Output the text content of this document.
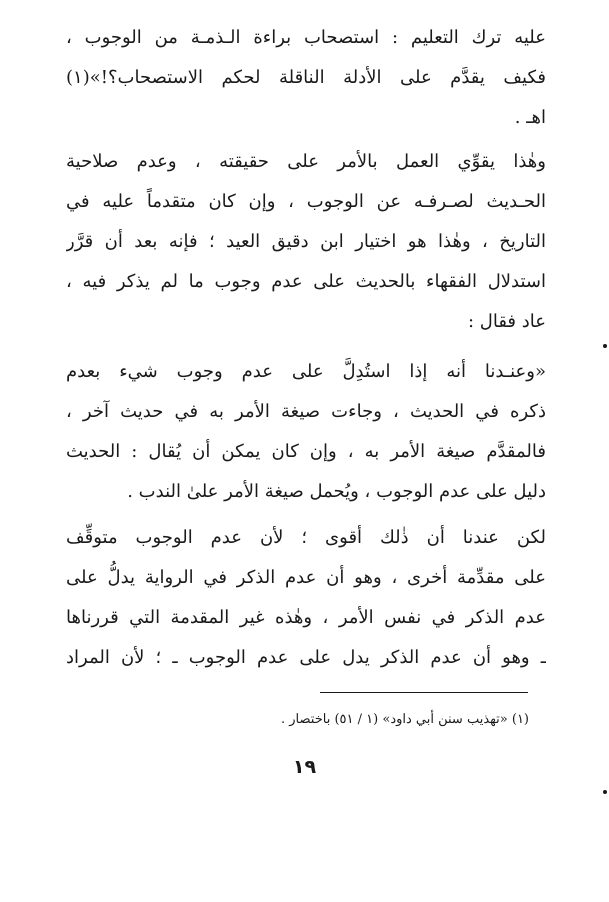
عليه ترك التعليم : استصحاب براءة الـذمـة من الوجوب ،
فكيف يقدَّم على الأدلة الناقلة لحكم الاستصحاب؟!»(١)
اهـ .
وهٰذا يقوِّي العمل بالأمر على حقيقته ، وعدم صلاحية
الحـديث لصـرفـه عن الوجوب ، وإن كان متقدماً عليه في
التاريخ ، وهٰذا هو اختيار ابن دقيق العيد ؛ فإنه بعد أن قرَّر
استدلال الفقهاء بالحديث على عدم وجوب ما لم يذكر فيه ،
عاد فقال :
«وعنـدنا أنه إذا استُدِلَّ على عدم وجوب شيء بعدم
ذكره في الحديث ، وجاءت صيغة الأمر به في حديث آخر ،
فالمقدَّم صيغة الأمر به ، وإن كان يمكن أن يُقال : الحديث
دليل على عدم الوجوب ، ويُحمل صيغة الأمر علىٰ الندب .
لكن عندنا أن ذٰلك أقوى ؛ لأن عدم الوجوب متوقِّف
على مقدِّمة أخرى ، وهو أن عدم الذكر في الرواية يدلُّ على
عدم الذكر في نفس الأمر ، وهٰذه غير المقدمة التي قررناها
ـ وهو أن عدم الذكر يدل على عدم الوجوب ـ ؛ لأن المراد
(١) «تهذيب سنن أبي داود» (١ / ٥١) باختصار .
١٩
